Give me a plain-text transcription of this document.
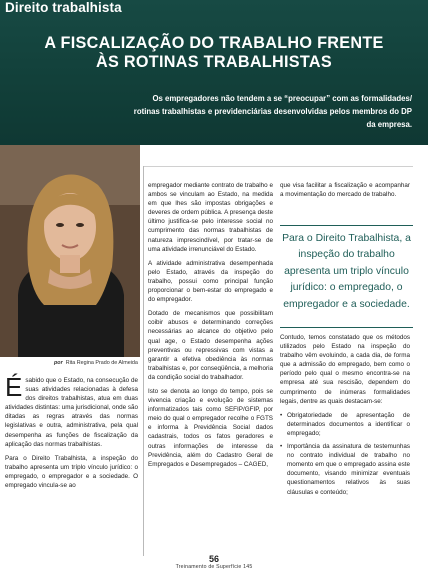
Direito trabalhista
A FISCALIZAÇÃO DO TRABALHO FRENTE
ÀS ROTINAS TRABALHISTAS
Os empregadores não tendem a se “preocupar” com as formalidades/
rotinas trabalhistas e previdenciárias desenvolvidas pelos membros do DP
da empresa.
por Rita Regina Prado de Almeida

Ésabido que o Estado, na consecução de suas atividades relacionadas à defesa dos direitos trabalhistas, atua em duas atividades distintas: uma jurisdicional, onde são ditadas as regras através das normas legislativas e outra, administrativa, pela qual desempenha as funções de fiscalização da aplicação das normas trabalhistas.

Para o Direito Trabalhista, a inspeção do trabalho apresenta um tríplo vínculo jurídico: o empregado, o empregador e a sociedade. O empregado vincula-se ao

empregador mediante contrato de trabalho e ambos se vinculam ao Estado, na medida em que lhes são impostas obrigações e deveres de ordem pública. A presença deste último justifica-se pelo interesse social no cumprimento das normas trabalhistas de natureza imprescindível, por tratar-se de uma atividade irrenunciável do Estado.

A atividade administrativa desempenhada pelo Estado, através da inspeção do trabalho, possui como principal função proporcionar o bem-estar do empregado e do empregador.

Dotado de mecanismos que possibilitam coibir abusos e determinando correções necessárias ao alcance do objetivo pelo qual age, o Estado desempenha ações preventivas ou repressivas com vistas a garantir a efetiva obediência às normas trabalhistas e, por conseqüência, a melhoria da condição social do trabalhador.

Isto se denota ao longo do tempo, pois se vivencia criação e evolução de sistemas informatizados tais como SEFIP/GFIP, por meio do qual o empregador recolhe o FGTS e informa à Previdência Social dados cadastrais, todos os fatos geradores e outras informações de interesse da Previdência, além do Cadastro Geral de Empregados e Desempregados – CAGED,

que visa facilitar a fiscalização e acompanhar a movimentação do mercado de trabalho.

Para o Direito Trabalhista, a inspeção do trabalho apresenta um triplo vínculo jurídico: o empregado, o empregador e a sociedade.

Contudo, temos constatado que os métodos utilizados pelo Estado na inspeção do trabalho vêm evoluindo, a cada dia, de forma que a admissão do empregado, bem como o período pelo qual o mesmo encontra-se na empresa até sua rescisão, dependem do cumprimento de inúmeras formalidades legais, dentre as quais destacam-se:

• Obrigatoriedade de apresentação de determinados documentos a identificar o empregado;
• Importância da assinatura de testemunhas no contrato individual de trabalho no momento em que o empregado assina este documento, visando minimizar eventuais questionamentos relativos às suas cláusulas e conteúdo;
56
Treinamento de Superfície 145
